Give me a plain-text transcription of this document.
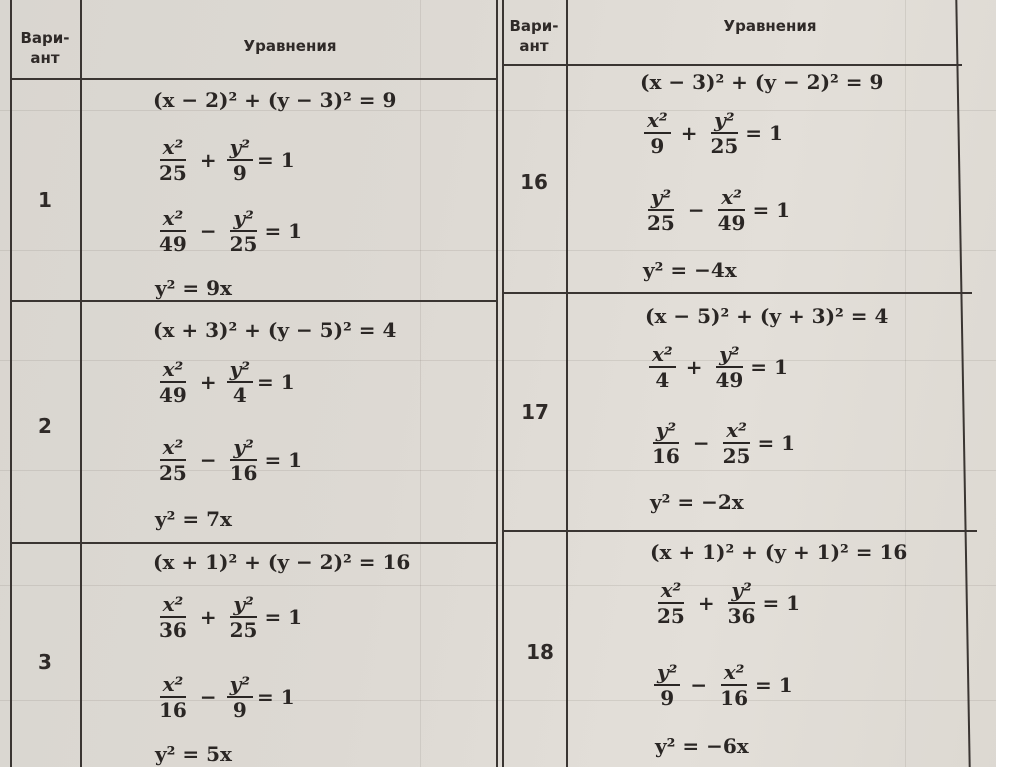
Вари-
ант
Уравнения
Вари-
ант
Уравнения
1
(x − 2)² + (y − 3)² = 9
$\frac{\text{x²}}{25} + \frac{\text{y²}}{9} = 1$
$\frac{\text{x²}}{49} - \frac{\text{y²}}{25} = 1$
y² = 9x
2
(x + 3)² + (y − 5)² = 4
$\frac{\text{x²}}{49} + \frac{\text{y²}}{4} = 1$
$\frac{\text{x²}}{25} - \frac{\text{y²}}{16} = 1$
y² = 7x
3
(x + 1)² + (y − 2)² = 16
$\frac{\text{x²}}{36} + \frac{\text{y²}}{25} = 1$
$\frac{\text{x²}}{16} - \frac{\text{y²}}{9} = 1$
y² = 5x
16
(x − 3)² + (y − 2)² = 9
$\frac{\text{x²}}{9} + \frac{\text{y²}}{25} = 1$
$\frac{\text{y²}}{25} - \frac{\text{x²}}{49} = 1$
y² = −4x
17
(x − 5)² + (y + 3)² = 4
$\frac{\text{x²}}{4} + \frac{\text{y²}}{49} = 1$
$\frac{\text{y²}}{16} - \frac{\text{x²}}{25} = 1$
y² = −2x
18
(x + 1)² + (y + 1)² = 16
$\frac{\text{x²}}{25} + \frac{\text{y²}}{36} = 1$
$\frac{\text{y²}}{9} - \frac{\text{x²}}{16} = 1$
y² = −6x
